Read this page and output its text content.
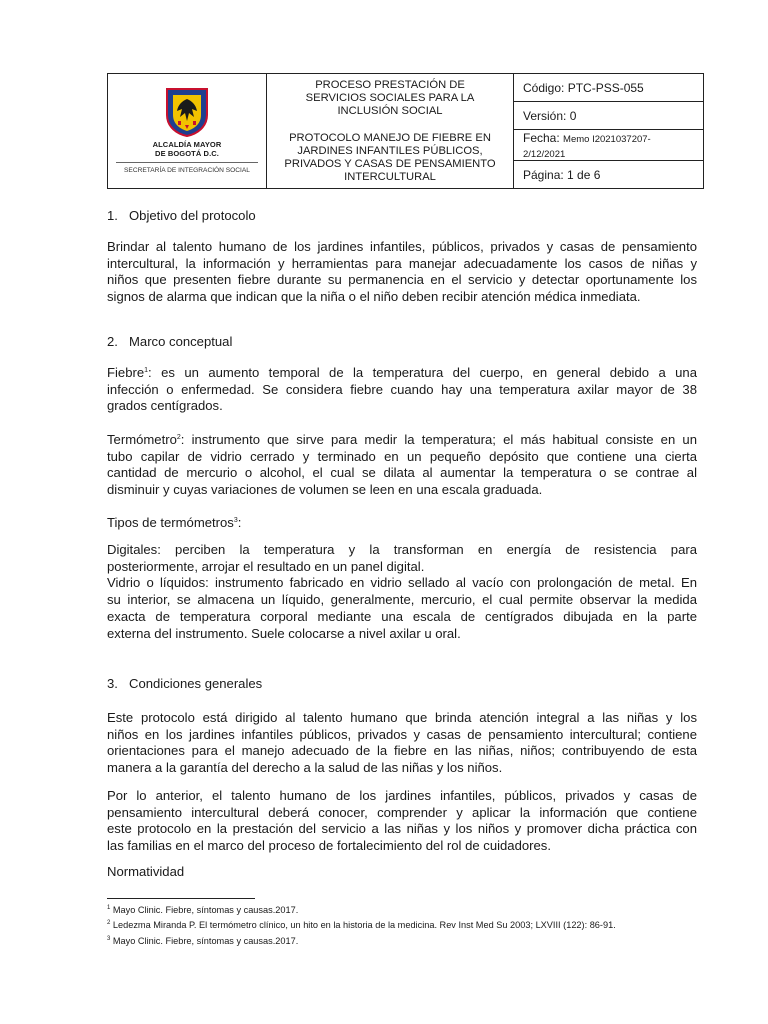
ALCALDÍA MAYOR
DE BOGOTÁ D.C.
SECRETARÍA DE INTEGRACIÓN SOCIAL
PROCESO PRESTACIÓN DE
SERVICIOS SOCIALES PARA LA
INCLUSIÓN SOCIAL
PROTOCOLO MANEJO DE FIEBRE EN
JARDINES INFANTILES PÚBLICOS,
PRIVADOS Y CASAS DE PENSAMIENTO
INTERCULTURAL
Código: PTC-PSS-055
Versión: 0
Fecha: Memo I2021037207-
2/12/2021
Página: 1 de 6
1. Objetivo del protocolo
Brindar al talento humano de los jardines infantiles, públicos, privados y casas de pensamiento
intercultural, la información y herramientas para manejar adecuadamente los casos de niñas y
niños que presenten fiebre durante su permanencia en el servicio y detectar oportunamente los
signos de alarma que indican que la niña o el niño deben recibir atención médica inmediata.
2. Marco conceptual
Fiebre$^1$: es un aumento temporal de la temperatura del cuerpo, en general debido a una
infección o enfermedad. Se considera fiebre cuando hay una temperatura axilar mayor de 38
grados centígrados.
Termómetro$^2$: instrumento que sirve para medir la temperatura; el más habitual consiste en un
tubo capilar de vidrio cerrado y terminado en un pequeño depósito que contiene una cierta
cantidad de mercurio o alcohol, el cual se dilata al aumentar la temperatura o se contrae al
disminuir y cuyas variaciones de volumen se leen en una escala graduada.
Tipos de termómetros$^3$:
Digitales: perciben la temperatura y la transforman en energía de resistencia para
posteriormente, arrojar el resultado en un panel digital.
Vidrio o líquidos: instrumento fabricado en vidrio sellado al vacío con prolongación de metal. En
su interior, se almacena un líquido, generalmente, mercurio, el cual permite observar la medida
exacta de temperatura corporal mediante una escala de centígrados dibujada en la parte
externa del instrumento. Suele colocarse a nivel axilar u oral.
3. Condiciones generales
Este protocolo está dirigido al talento humano que brinda atención integral a las niñas y los
niños en los jardines infantiles públicos, privados y casas de pensamiento intercultural; contiene
orientaciones para el manejo adecuado de la fiebre en las niñas, niños; contribuyendo de esta
manera a la garantía del derecho a la salud de las niñas y los niños.
Por lo anterior, el talento humano de los jardines infantiles, públicos, privados y casas de
pensamiento intercultural deberá conocer, comprender y aplicar la información que contiene
este protocolo en la prestación del servicio a las niñas y los niños y promover dicha práctica con
las familias en el marco del proceso de fortalecimiento del rol de cuidadores.
Normatividad
$^1$ Mayo Clinic. Fiebre, síntomas y causas.2017.
$^2$ Ledezma Miranda P. El termómetro clínico, un hito en la historia de la medicina. Rev Inst Med Su 2003; LXVIII (122): 86-91.
$^3$ Mayo Clinic. Fiebre, síntomas y causas.2017.
